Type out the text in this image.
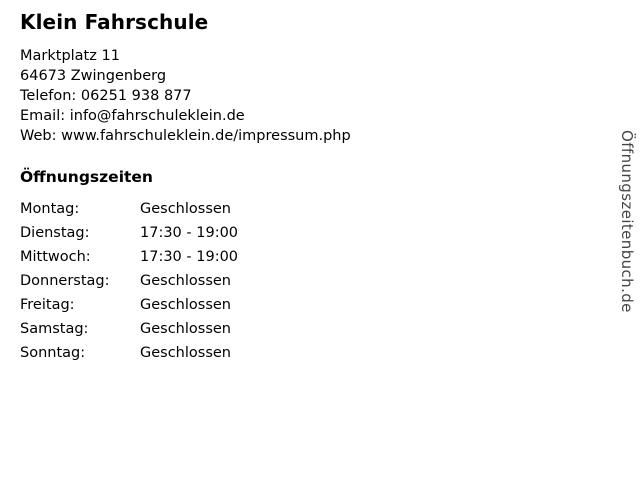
Klein Fahrschule
Marktplatz 11
64673 Zwingenberg
Telefon: 06251 938 877
Email: info@fahrschuleklein.de
Web: www.fahrschuleklein.de/impressum.php
Öffnungszeiten
Montag:	Geschlossen
Dienstag:	17:30 - 19:00
Mittwoch:	17:30 - 19:00
Donnerstag:	Geschlossen
Freitag:	Geschlossen
Samstag:	Geschlossen
Sonntag:	Geschlossen
Öffnungszeitenbuch.de
